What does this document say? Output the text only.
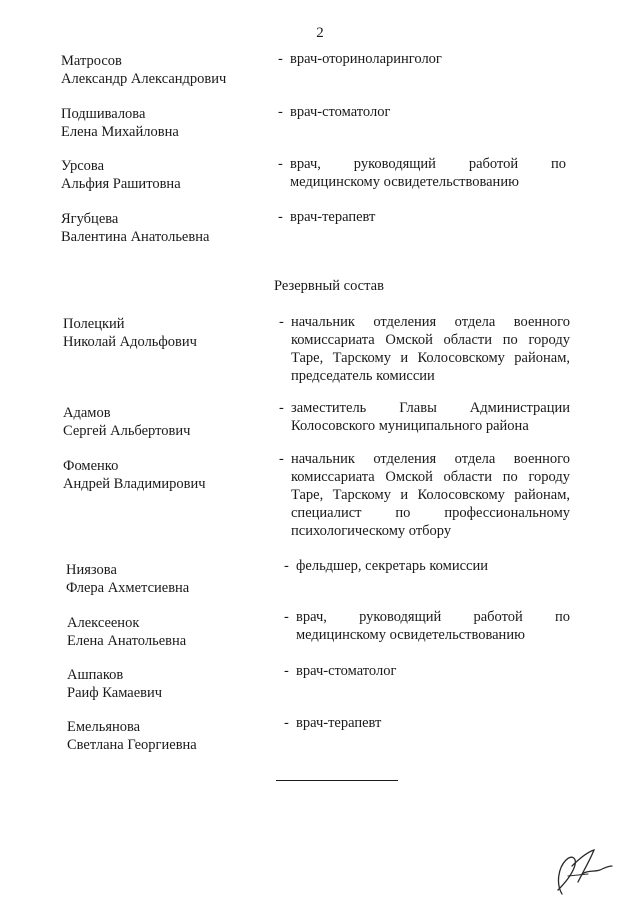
2
Матросов
Александр Александрович
- врач-оториноларинголог
Подшивалова
Елена Михайловна
- врач-стоматолог
Урсова
Альфия Рашитовна
- врач, руководящий работой по медицинскому освидетельствованию
Ягубцева
Валентина Анатольевна
- врач-терапевт
Резервный состав
Полецкий
Николай Адольфович
- начальник отделения отдела военного комиссариата Омской области по городу Таре, Тарскому и Колосовскому районам, председатель комиссии
Адамов
Сергей Альбертович
- заместитель Главы Администрации Колосовского муниципального района
Фоменко
Андрей Владимирович
- начальник отделения отдела военного комиссариата Омской области по городу Таре, Тарскому и Колосовскому районам, специалист по профессиональному психологическому отбору
Ниязова
Флера Ахметсиевна
- фельдшер, секретарь комиссии
Алексеенок
Елена Анатольевна
- врач, руководящий работой по медицинскому освидетельствованию
Ашпаков
Раиф Камаевич
- врач-стоматолог
Емельянова
Светлана Георгиевна
- врач-терапевт
